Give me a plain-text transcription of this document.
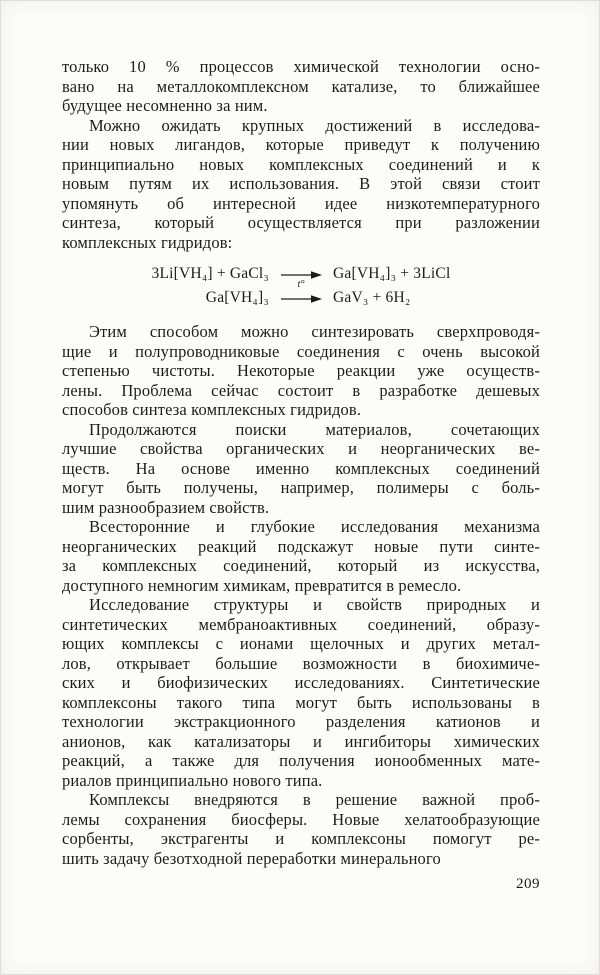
только 10 % процессов химической технологии осно-
вано на металлокомплексном катализе, то ближайшее
будущее несомненно за ним.
Можно ожидать крупных достижений в исследова-
нии новых лигандов, которые приведут к получению
принципиально новых комплексных соединений и к
новым путям их использования. В этой связи стоит
упомянуть об интересной идее низкотемпературного
синтеза, который осуществляется при разложении
комплексных гидридов:
3Li[VH₄] + GaCl₃	Ga[VH₄]₃ + 3LiCl
Ga[VH₄]₃
t°
GaV₃ + 6H₂
Этим способом можно синтезировать сверхпроводя-
щие и полупроводниковые соединения с очень высокой
степенью чистоты. Некоторые реакции уже осуществ-
лены. Проблема сейчас состоит в разработке дешевых
способов синтеза комплексных гидридов.
Продолжаются поиски материалов, сочетающих
лучшие свойства органических и неорганических ве-
ществ. На основе именно комплексных соединений
могут быть получены, например, полимеры с боль-
шим разнообразием свойств.
Всесторонние и глубокие исследования механизма
неорганических реакций подскажут новые пути синте-
за комплексных соединений, который из искусства,
доступного немногим химикам, превратится в ремесло.
Исследование структуры и свойств природных и
синтетических мембраноактивных соединений, образу-
ющих комплексы с ионами щелочных и других метал-
лов, открывает большие возможности в биохимиче-
ских и биофизических исследованиях. Синтетические
комплексоны такого типа могут быть использованы в
технологии экстракционного разделения катионов и
анионов, как катализаторы и ингибиторы химических
реакций, а также для получения ионообменных мате-
риалов принципиально нового типа.
Комплексы внедряются в решение важной проб-
лемы сохранения биосферы. Новые хелатообразующие
сорбенты, экстрагенты и комплексоны помогут ре-
шить задачу безотходной переработки минерального
209
